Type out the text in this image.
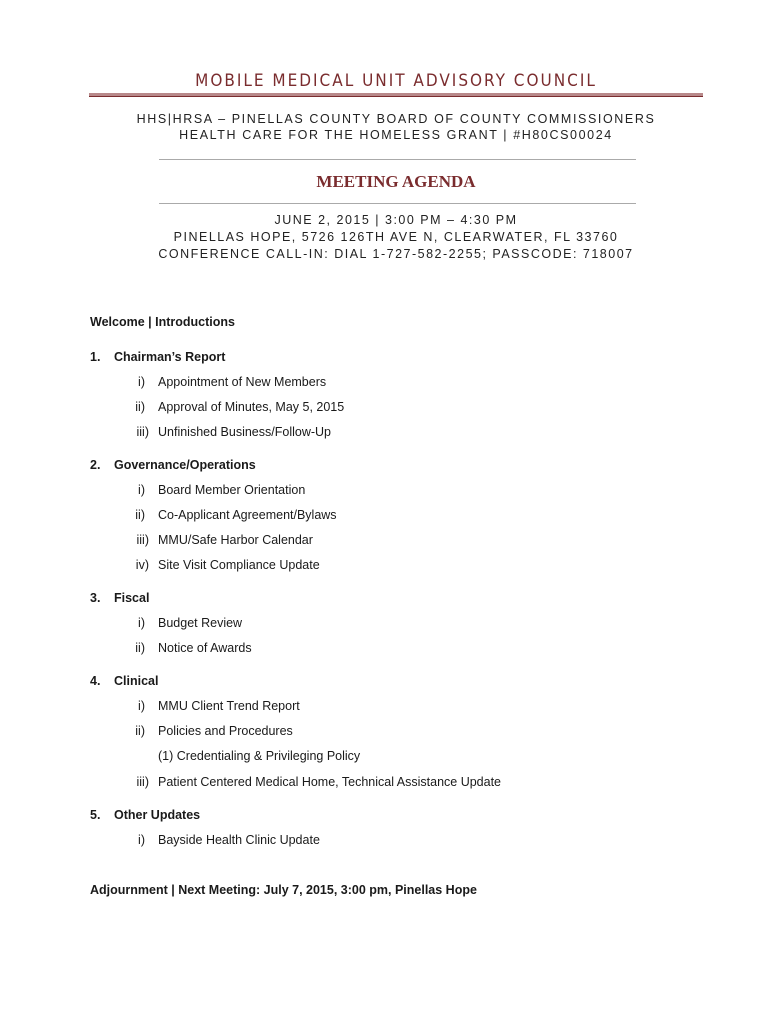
MOBILE MEDICAL UNIT ADVISORY COUNCIL
HHS|HRSA – PINELLAS COUNTY BOARD OF COUNTY COMMISSIONERS
HEALTH CARE FOR THE HOMELESS GRANT | #H80CS00024
MEETING AGENDA
JUNE 2, 2015 | 3:00 PM – 4:30 PM
PINELLAS HOPE, 5726 126TH AVE N, CLEARWATER, FL 33760
CONFERENCE CALL-IN: DIAL 1-727-582-2255; PASSCODE: 718007
Welcome | Introductions
1. Chairman’s Report
i) Appointment of New Members
ii) Approval of Minutes, May 5, 2015
iii) Unfinished Business/Follow-Up
2. Governance/Operations
i) Board Member Orientation
ii) Co-Applicant Agreement/Bylaws
iii) MMU/Safe Harbor Calendar
iv) Site Visit Compliance Update
3. Fiscal
i) Budget Review
ii) Notice of Awards
4. Clinical
i) MMU Client Trend Report
ii) Policies and Procedures
(1) Credentialing & Privileging Policy
iii) Patient Centered Medical Home, Technical Assistance Update
5. Other Updates
i) Bayside Health Clinic Update
Adjournment | Next Meeting: July 7, 2015, 3:00 pm, Pinellas Hope
